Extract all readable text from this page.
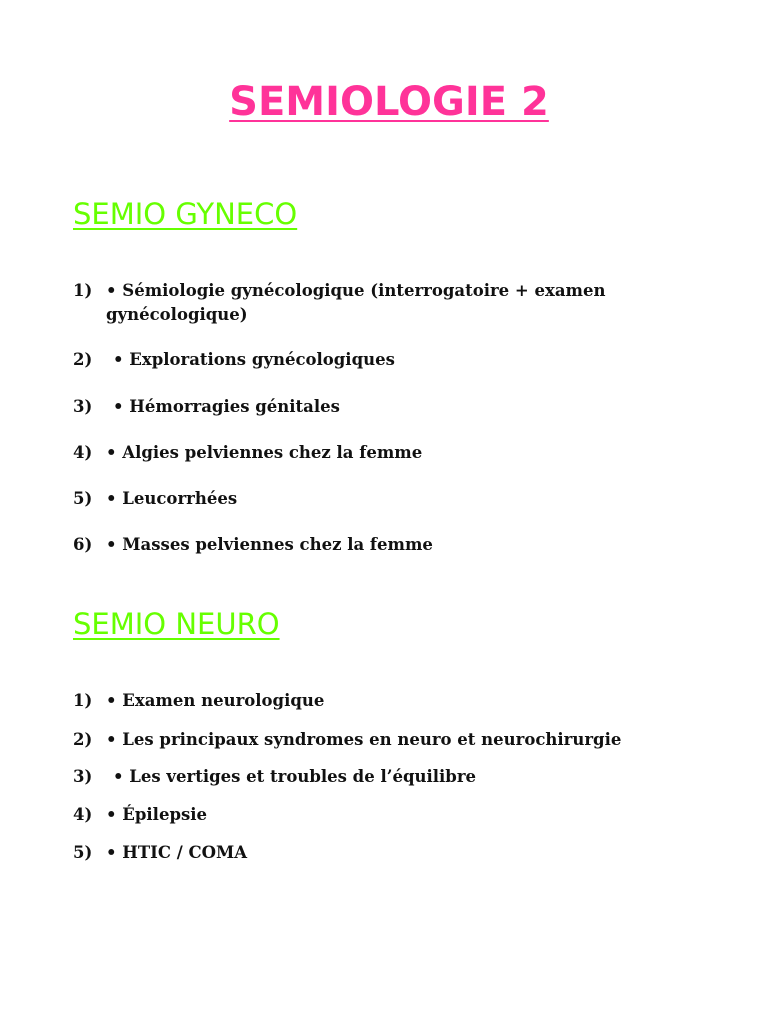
SEMIOLOGIE 2
SEMIO GYNECO
1) • Sémiologie gynécologique (interrogatoire + examen gynécologique)
2) • Explorations gynécologiques
3) • Hémorragies génitales
4) • Algies pelviennes chez la femme
5) • Leucorrhées
6) • Masses pelviennes chez la femme
SEMIO NEURO
1) • Examen neurologique
2) • Les principaux syndromes en neuro et neurochirurgie
3) • Les vertiges et troubles de l’équilibre
4) • Épilepsie
5) • HTIC / COMA
